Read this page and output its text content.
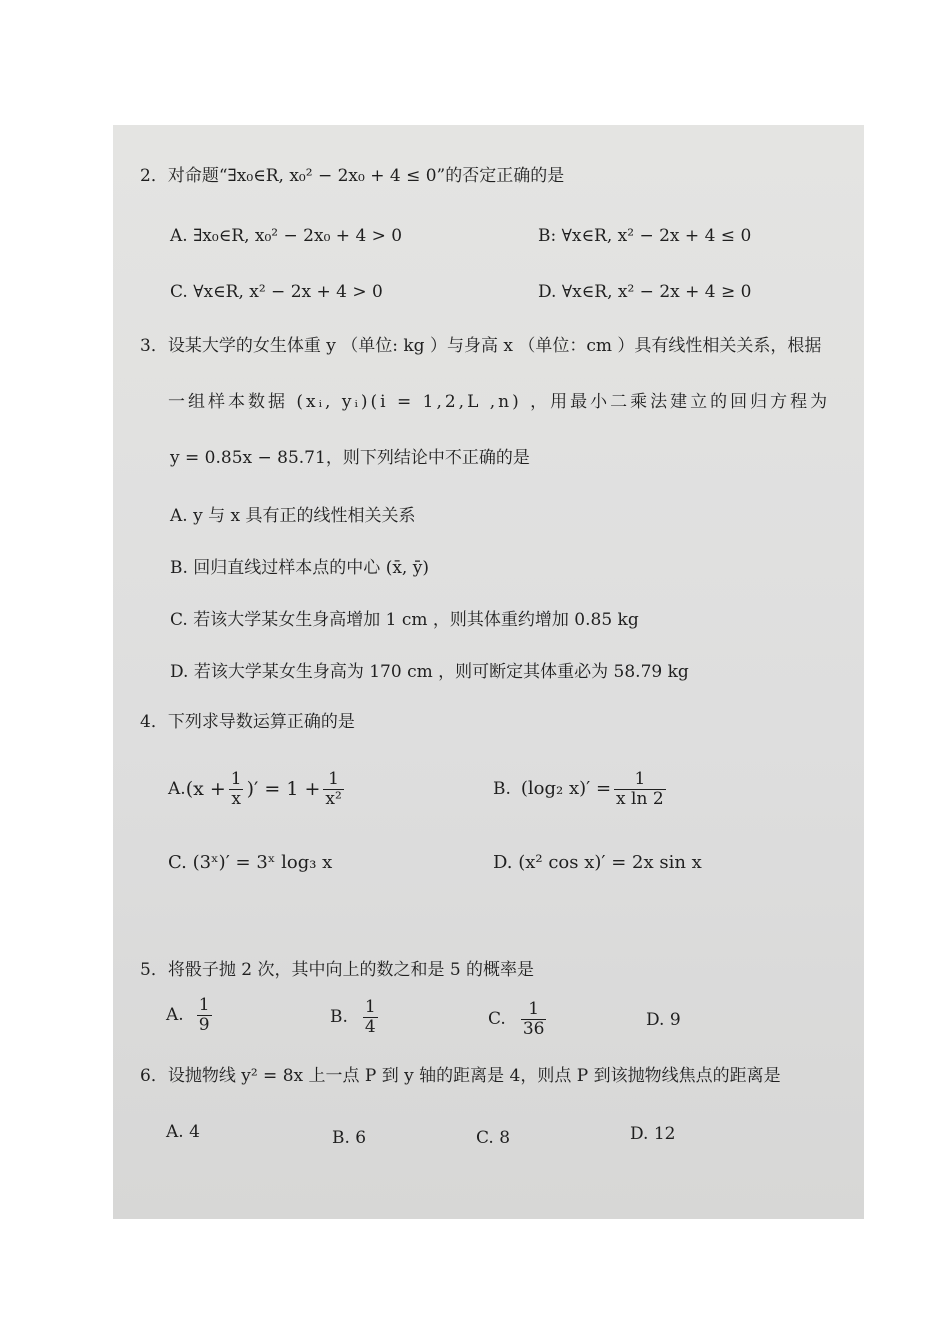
2．对命题“∃x₀∈R, x₀² − 2x₀ + 4 ≤ 0”的否定正确的是
A. ∃x₀∈R, x₀² − 2x₀ + 4 > 0	B: ∀x∈R, x² − 2x + 4 ≤ 0
C. ∀x∈R, x² − 2x + 4 > 0	D. ∀x∈R, x² − 2x + 4 ≥ 0
3．设某大学的女生体重 y （单位: kg ）与身高 x （单位：cm ）具有线性相关关系，根据
一组样本数据 (xᵢ, yᵢ)(i = 1,2,L ,n) ，用最小二乘法建立的回归方程为
y = 0.85x − 85.71，则下列结论中不正确的是
A. y 与 x 具有正的线性相关关系
B. 回归直线过样本点的中心 (x̄, ȳ)
C. 若该大学某女生身高增加 1 cm ，则其体重约增加 0.85 kg
D. 若该大学某女生身高为 170 cm ，则可断定其体重必为 58.79 kg
4．下列求导数运算正确的是
A. ($x + \frac{1}{x}$ )′ = $1 + \frac{1}{\text{x²}}$	B. (log₂ $x)' = \frac{1}{\text{x ln 2}}$
C. (3ˣ)′ = 3ˣ log₃ x	D. (x² cos x)′ = 2x sin x
5．将骰子抛 2 次，其中向上的数之和是 5 的概率是
A. $\frac{1}{9}$	B. $\frac{1}{4}$	C. $\frac{1}{36}$	D. 9
6．设抛物线 y² = 8x 上一点 P 到 y 轴的距离是 4，则点 P 到该抛物线焦点的距离是
A. 4	B. 6	C. 8	D. 12
